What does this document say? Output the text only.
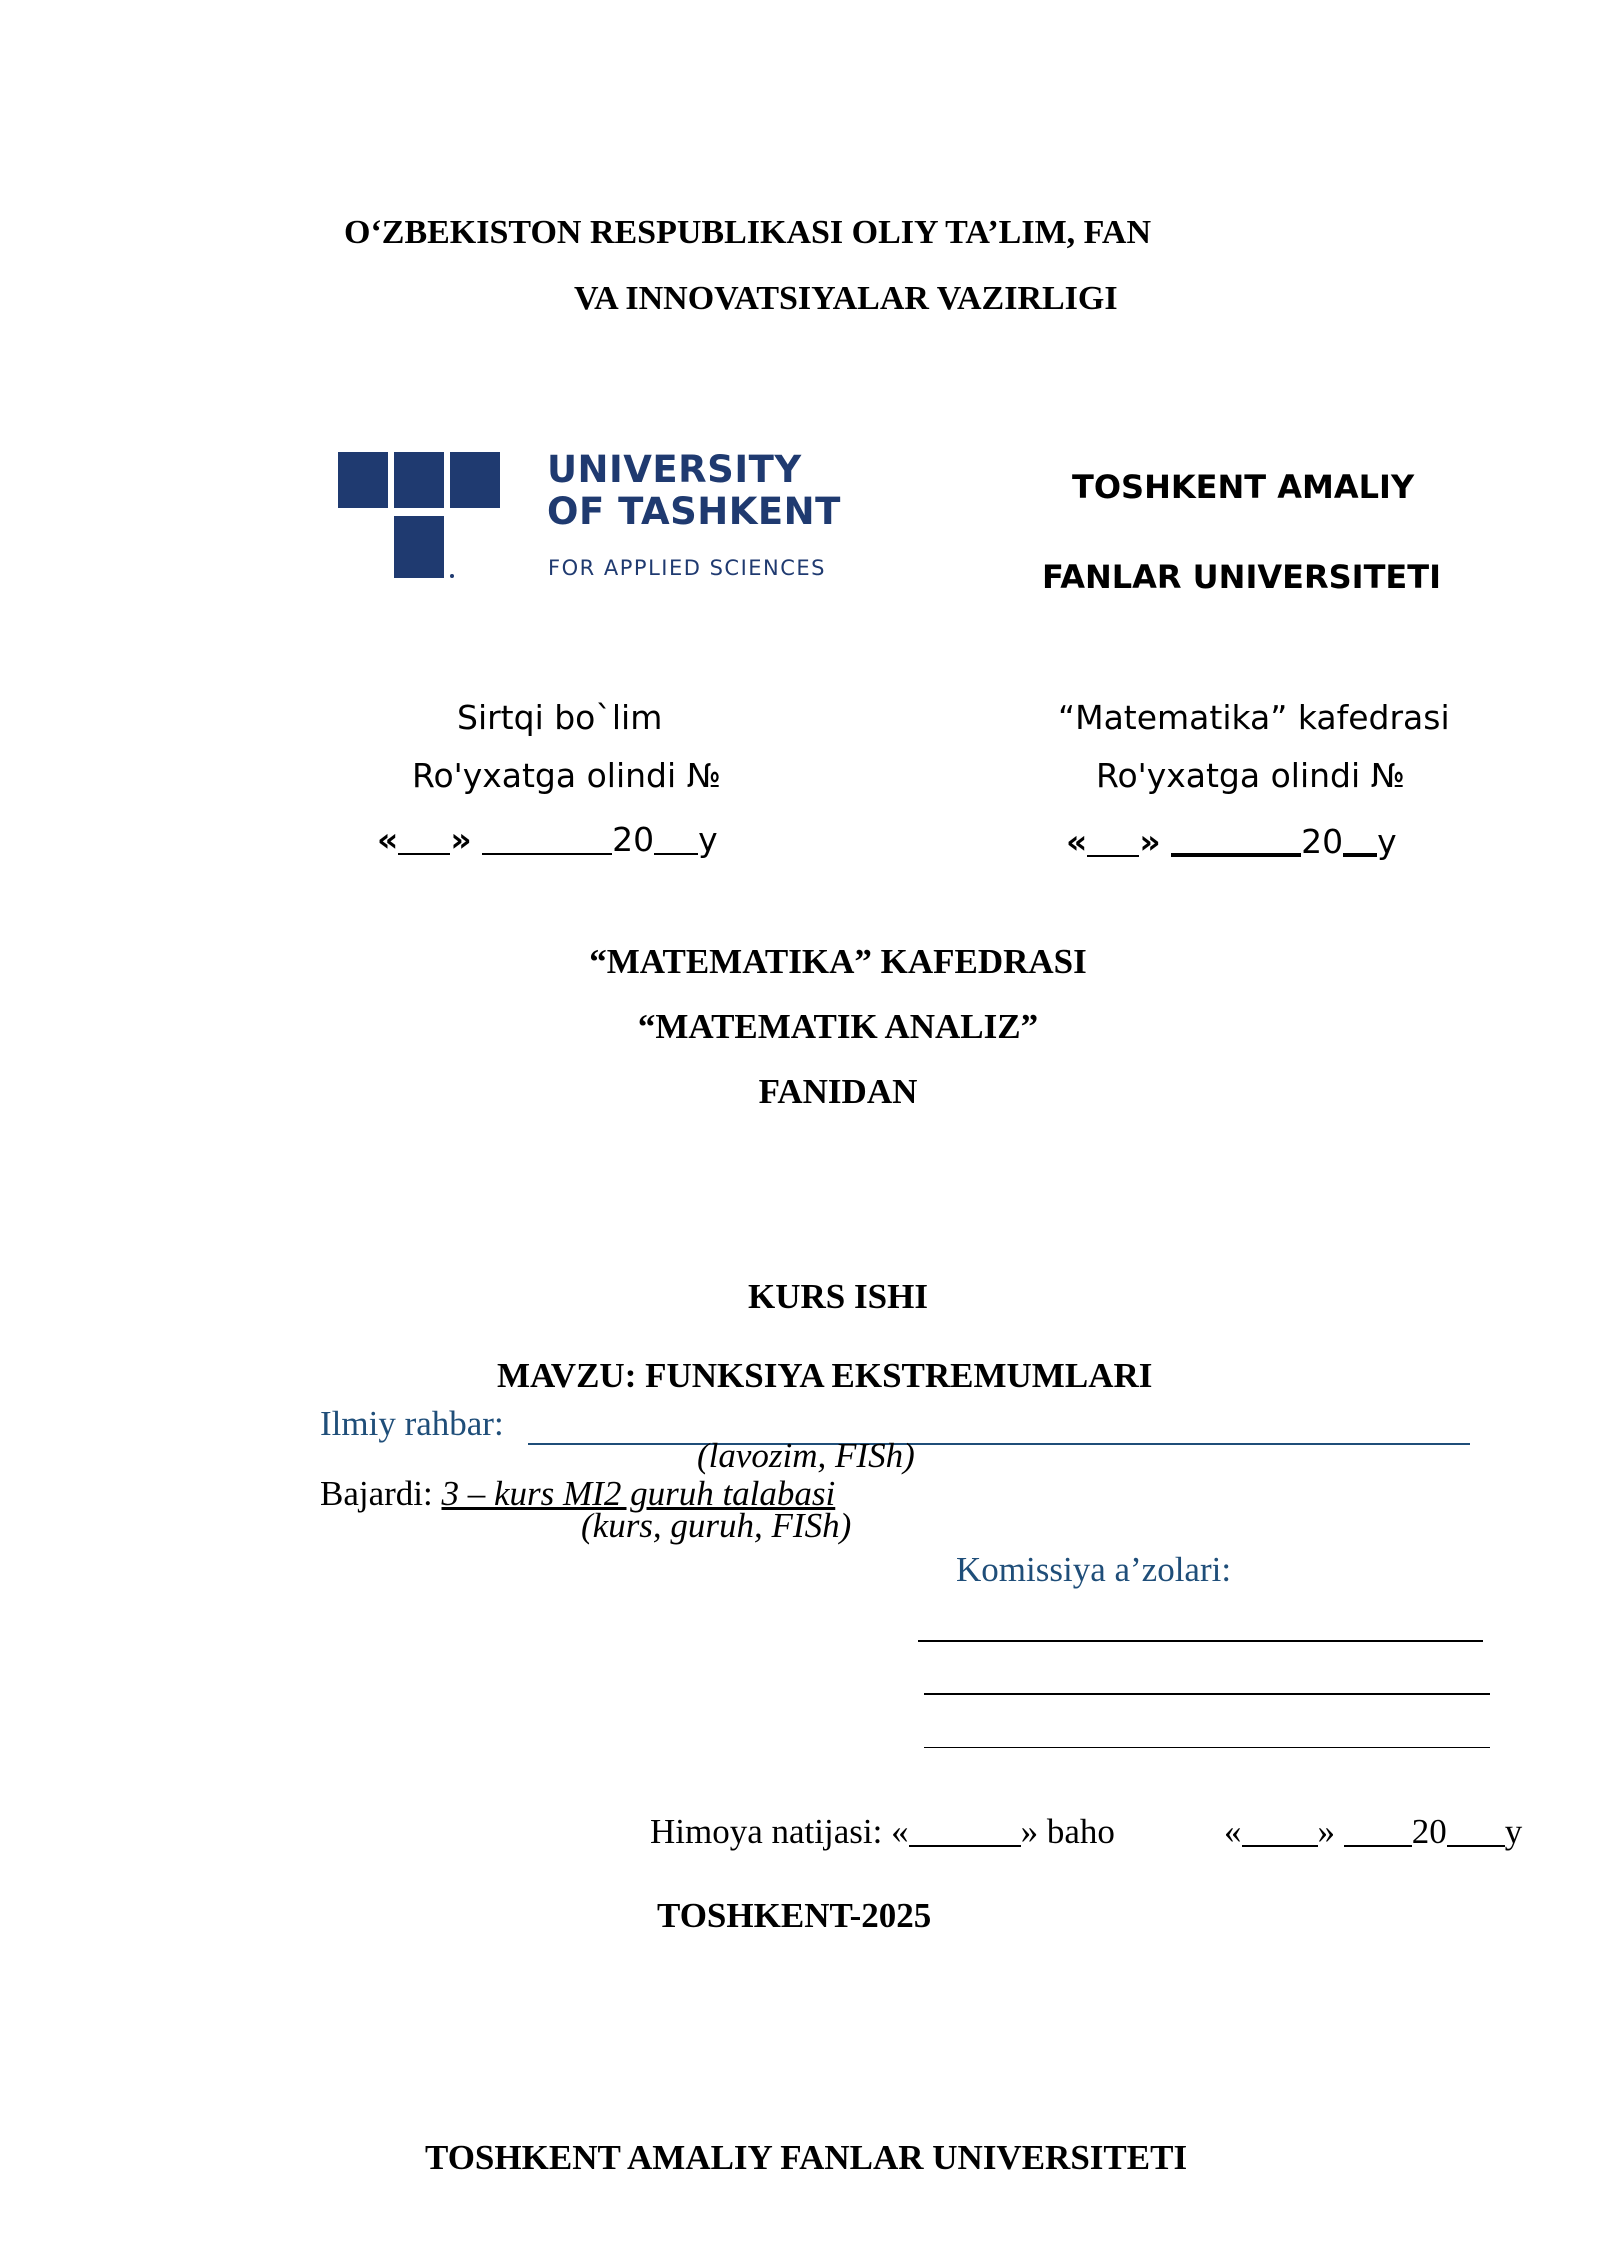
O‘ZBEKISTON RESPUBLIKASI OLIY TA’LIM, FAN
VA INNOVATSIYALAR VAZIRLIGI
UNIVERSITY
OF TASHKENT
FOR APPLIED SCIENCES
TOSHKENT AMALIY
FANLAR UNIVERSITETI
Sirtqi bo`lim
Ro'yxatga olindi №
« »	20 y
“Matematika” kafedrasi
Ro'yxatga olindi №
« »	20 y
“MATEMATIKA” KAFEDRASI
“MATEMATIK ANALIZ”
FANIDAN
KURS ISHI
MAVZU: FUNKSIYA EKSTREMUMLARI
Ilmiy rahbar:
(lavozim, FISh)
Bajardi: 3 – kurs MI2 guruh talabasi
(kurs, guruh, FISh)
Komissiya a’zolari:
Himoya natijasi: «	» baho	« » 20 y
TOSHKENT-2025
TOSHKENT AMALIY FANLAR UNIVERSITETI
